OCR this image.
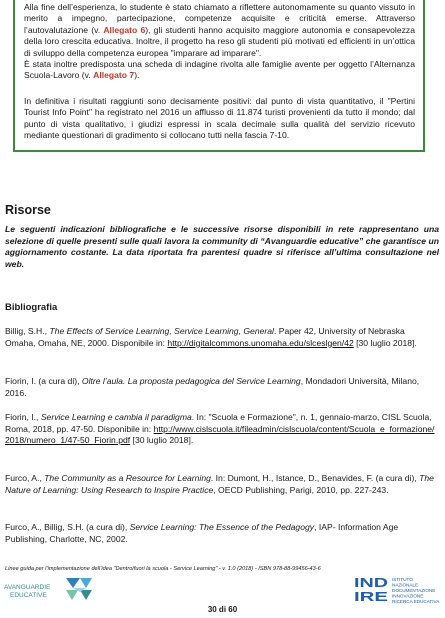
Alla fine dell’esperienza, lo studente è stato chiamato a riflettere autonomamente su quanto vissuto in merito a impegno, partecipazione, competenze acquisite e criticità emerse. Attraverso l’autovalutazione (v. Allegato 6), gli studenti hanno acquisito maggiore autonomia e consapevolezza della loro crescita educativa. Inoltre, il progetto ha reso gli studenti più motivati ed efficienti in un’ottica di sviluppo della competenza europea "imparare ad imparare".
È stata inoltre predisposta una scheda di indagine rivolta alle famiglie avente per oggetto l’Alternanza Scuola-Lavoro (v. Allegato 7).
In definitiva i risultati raggiunti sono decisamente positivi: dal punto di vista quantitativo, il "Pertini Tourist Info Point" ha registrato nel 2016 un afflusso di 11.874 turisti provenienti da tutto il mondo; dal punto di vista qualitativo, i giudizi espressi in scala decimale sulla qualità del servizio ricevuto mediante questionari di gradimento si collocano tutti nella fascia 7-10.
Risorse
Le seguenti indicazioni bibliografiche e le successive risorse disponibili in rete rappresentano una selezione di quelle presenti sulle quali lavora la community di “Avanguardie educative” che garantisce un aggiornamento costante. La data riportata fra parentesi quadre si riferisce all’ultima consultazione nel web.
Bibliografia
Billig, S.H., The Effects of Service Learning, Service Learning, General. Paper 42, University of Nebraska Omaha, Omaha, NE, 2000. Disponibile in: http://digitalcommons.unomaha.edu/slceslgen/42 [30 luglio 2018].
Fiorin, I. (a cura di), Oltre l’aula. La proposta pedagogica del Service Learning, Mondadori Università, Milano, 2016.
Fiorin, I., Service Learning e cambia il paradigma. In: "Scuola e Formazione", n. 1, gennaio-marzo, CISL Scuola, Roma, 2018, pp. 47-50. Disponibile in: http://www.cislscuola.it/fileadmin/cislscuola/content/Scuola_e_formazione/2018/numero_1/47-50_Fiorin.pdf [30 luglio 2018].
Furco, A., The Community as a Resource for Learning. In: Dumont, H., Istance, D., Benavides, F. (a cura di), The Nature of Learning: Using Research to Inspire Practice, OECD Publishing, Parigi, 2010, pp. 227-243.
Furco, A., Billig, S.H. (a cura di), Service Learning: The Essence of the Pedagogy, IAP- Information Age Publishing, Charlotte, NC, 2002.
Linee guida per l’implementazione dell’idea "Dentro/fuori la scuola - Service Learning" - v. 1.0 (2018) - ISBN 978-88-99456-43-6
AVANGUARDIE
EDUCATIVE
IND
IRE
ISTITUTO
NAZIONALE
DOCUMENTAZIONE
INNOVAZIONE
RICERCA EDUCATIVA
30 di 60
